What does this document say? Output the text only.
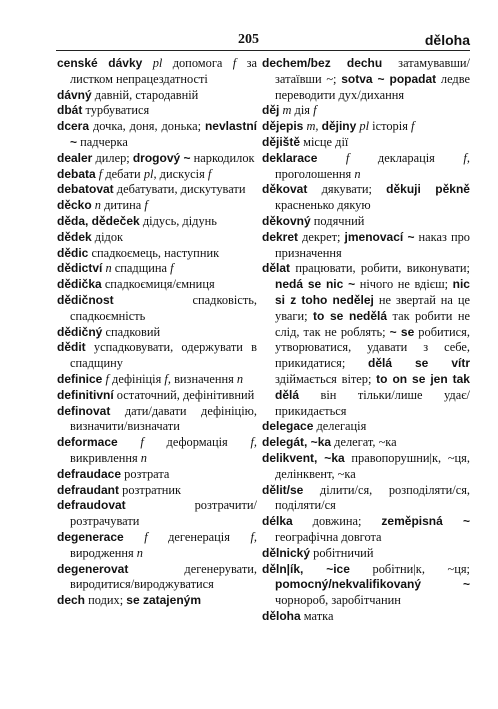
205	děloha

censké dávky pl допомога f за листком непрацездатності

dávný давній, стародавній

dbát турбуватися

dcera дочка, доня, донька; nevlastní ~ падчерка

dealer дилер; drogový ~ наркодилок

debata f дебати pl, дискусія f

debatovat дебатувати, дискутувати

děcko n дитина f

děda, dědeček дідусь, дідунь

dědek дідок

dědic спадкоємець, наступник

dědictví n спадщина f

dědička спадкоємиця/ємниця

dědičnost	спадковість, спадкоємність

dědičný спадковий

dědit успадковувати, одержувати в спадщину

definice f дефініція f, визначення n

definitivní остаточний, дефінітивний

definovat дати/давати дефініцію, визначити/визначати

deformace f деформація f, викривлення n

defraudace розтрата

defraudant розтратник

defraudovat	розтрачити/розтрачувати

degenerace f дегенерація f, виродження n

degenerovat	дегенерувати, виродитися/вироджуватися

dech подих; se zatajeným

dechem/bez dechu затамувавши/затаївши ~; sotva ~ popadat ледве переводити дух/дихання

děj m дія f

dějepis m, dějiny pl історія f

dějiště місце дії

deklarace f декларація f, проголошення n

děkovat дякувати; děkuji pěkně красненько дякую

děkovný подячний

dekret декрет; jmenovací ~ наказ про призначення

dělat працювати, робити, виконувати; nedá se nic ~ нічого не вдієш; nic si z toho nedělej не звертай на це уваги; to se nedělá так робити не слід, так не роблять; ~ se робитися, утворюватися, удавати з себе, прикидатися; dělá se vítr здіймається вітер; to on se jen tak dělá він тільки/лише удає/прикидається

delegace делегація

delegát, ~ka делегат, ~ка

delikvent, ~ka правопорушни|к, ~ця, делінквент, ~ка

dělit/se ділити/ся, розподіляти/ся, поділяти/ся

délka довжина; zeměpisná ~ географічна довгота

dělnický робітничий

děln|ík, ~ice робітни|к, ~ця; pomocný/nekvalifikovaný ~ чорнороб, заробітчанин

děloha матка
